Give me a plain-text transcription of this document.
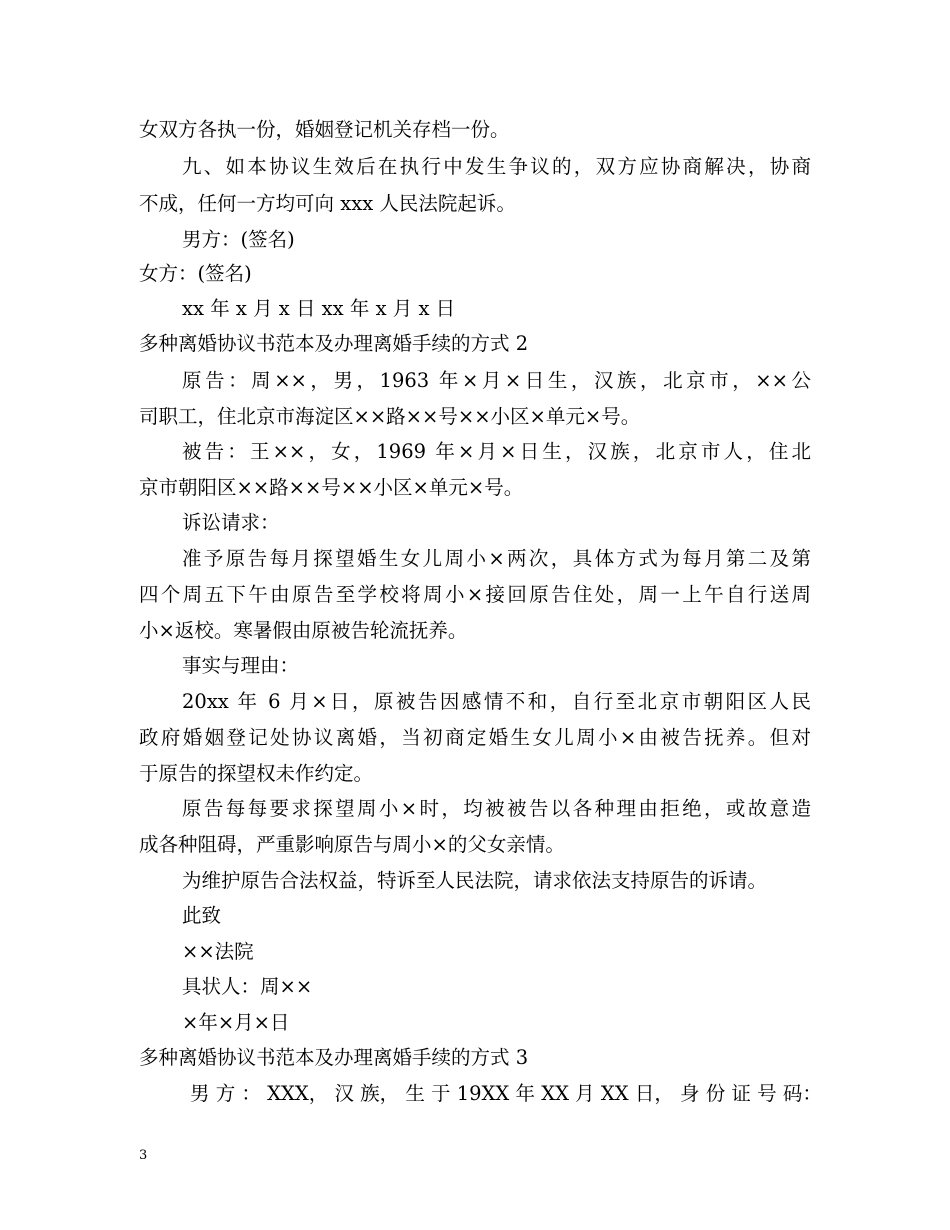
女双方各执一份，婚姻登记机关存档一份。
九、如本协议生效后在执行中发生争议的，双方应协商解决，协商
不成，任何一方均可向 xxx 人民法院起诉。
男方：(签名)
女方：(签名)
xx 年 x 月 x 日 xx 年 x 月 x 日
多种离婚协议书范本及办理离婚手续的方式 2
原告：周××，男，1963 年×月×日生，汉族，北京市，××公
司职工，住北京市海淀区××路××号××小区×单元×号。
被告：王××，女，1969 年×月×日生，汉族，北京市人，住北
京市朝阳区××路××号××小区×单元×号。
诉讼请求：
准予原告每月探望婚生女儿周小×两次，具体方式为每月第二及第
四个周五下午由原告至学校将周小×接回原告住处，周一上午自行送周
小×返校。寒暑假由原被告轮流抚养。
事实与理由：
20xx 年 6 月×日，原被告因感情不和，自行至北京市朝阳区人民
政府婚姻登记处协议离婚，当初商定婚生女儿周小×由被告抚养。但对
于原告的探望权未作约定。
原告每每要求探望周小×时，均被被告以各种理由拒绝，或故意造
成各种阻碍，严重影响原告与周小×的父女亲情。
为维护原告合法权益，特诉至人民法院，请求依法支持原告的诉请。
此致
××法院
具状人：周××
×年×月×日
多种离婚协议书范本及办理离婚手续的方式 3
男 方 ： XXX， 汉 族， 生 于 19XX 年 XX 月 XX 日， 身 份 证 号 码：
3
